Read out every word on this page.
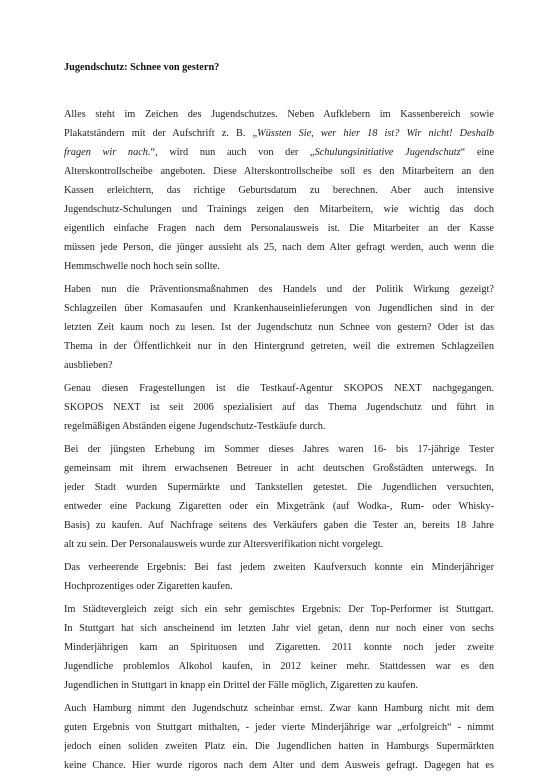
Jugendschutz: Schnee von gestern?
Alles steht im Zeichen des Jugendschutzes. Neben Aufklebern im Kassenbereich sowie
Plakatständern mit der Aufschrift z. B. „Wüssten Sie, wer hier 18 ist? Wir nicht! Deshalb
fragen wir nach.“, wird nun auch von der „Schulungsinitiative Jugendschutz“ eine
Alterskontrollscheibe angeboten. Diese Alterskontrollscheibe soll es den Mitarbeitern an den
Kassen erleichtern, das richtige Geburtsdatum zu berechnen. Aber auch intensive
Jugendschutz-Schulungen und Trainings zeigen den Mitarbeitern, wie wichtig das doch
eigentlich einfache Fragen nach dem Personalausweis ist. Die Mitarbeiter an der Kasse
müssen jede Person, die jünger aussieht als 25, nach dem Alter gefragt werden, auch wenn die
Hemmschwelle noch hoch sein sollte.
Haben nun die Präventionsmaßnahmen des Handels und der Politik Wirkung gezeigt?
Schlagzeilen über Komasaufen und Krankenhauseinlieferungen von Jugendlichen sind in der
letzten Zeit kaum noch zu lesen. Ist der Jugendschutz nun Schnee von gestern? Oder ist das
Thema in der Öffentlichkeit nur in den Hintergrund getreten, weil die extremen Schlagzeilen
ausblieben?
Genau diesen Fragestellungen ist die Testkauf-Agentur SKOPOS NEXT nachgegangen.
SKOPOS NEXT ist seit 2006 spezialisiert auf das Thema Jugendschutz und führt in
regelmäßigen Abständen eigene Jugendschutz-Testkäufe durch.
Bei der jüngsten Erhebung im Sommer dieses Jahres waren 16- bis 17-jährige Tester
gemeinsam mit ihrem erwachsenen Betreuer in acht deutschen Großstädten unterwegs. In
jeder Stadt wurden Supermärkte und Tankstellen getestet. Die Jugendlichen versuchten,
entweder eine Packung Zigaretten oder ein Mixgetränk (auf Wodka-, Rum- oder Whisky-
Basis) zu kaufen. Auf Nachfrage seitens des Verkäufers gaben die Tester an, bereits 18 Jahre
alt zu sein. Der Personalausweis wurde zur Altersverifikation nicht vorgelegt.
Das verheerende Ergebnis: Bei fast jedem zweiten Kaufversuch konnte ein Minderjähriger
Hochprozentiges oder Zigaretten kaufen.
Im Städtevergleich zeigt sich ein sehr gemischtes Ergebnis: Der Top-Performer ist Stuttgart.
In Stuttgart hat sich anscheinend im letzten Jahr viel getan, denn nur noch einer von sechs
Minderjährigen kam an Spirituosen und Zigaretten. 2011 konnte noch jeder zweite
Jugendliche problemlos Alkohol kaufen, in 2012 keiner mehr. Stattdessen war es den
Jugendlichen in Stuttgart in knapp ein Drittel der Fälle möglich, Zigaretten zu kaufen.
Auch Hamburg nimmt den Jugendschutz scheinbar ernst. Zwar kann Hamburg nicht mit dem
guten Ergebnis von Stuttgart mithalten, - jeder vierte Minderjährige war „erfolgreich“ - nimmt
jedoch einen soliden zweiten Platz ein. Die Jugendlichen hatten in Hamburgs Supermärkten
keine Chance. Hier wurde rigoros nach dem Alter und dem Ausweis gefragt. Dagegen hat es
